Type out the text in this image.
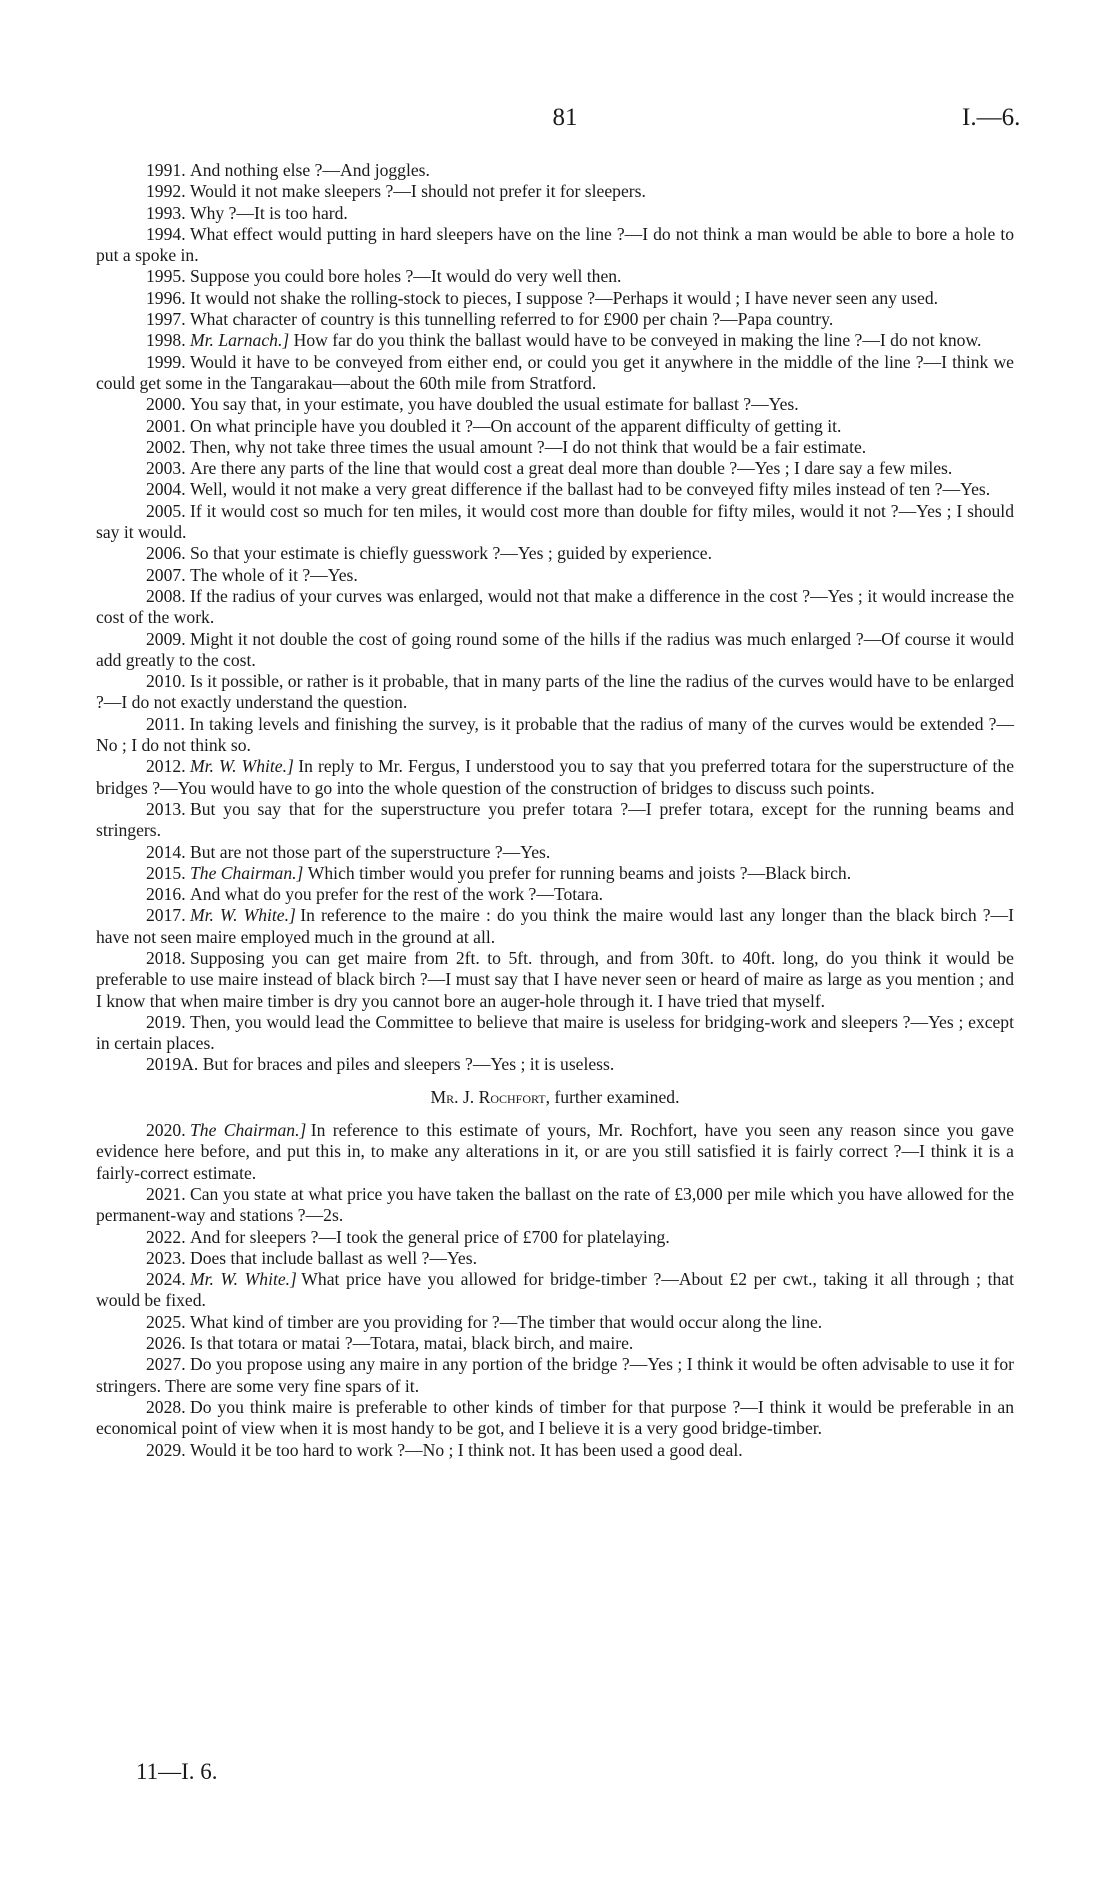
81	I.—6.

1991. And nothing else ?—And joggles.

1992. Would it not make sleepers ?—I should not prefer it for sleepers.

1993. Why ?—It is too hard.

1994. What effect would putting in hard sleepers have on the line ?—I do not think a man would be able to bore a hole to put a spoke in.

1995. Suppose you could bore holes ?—It would do very well then.

1996. It would not shake the rolling-stock to pieces, I suppose ?—Perhaps it would ; I have never seen any used.

1997. What character of country is this tunnelling referred to for £900 per chain ?—Papa country.

1998. Mr. Larnach.] How far do you think the ballast would have to be conveyed in making the line ?—I do not know.

1999. Would it have to be conveyed from either end, or could you get it anywhere in the middle of the line ?—I think we could get some in the Tangarakau—about the 60th mile from Stratford.

2000. You say that, in your estimate, you have doubled the usual estimate for ballast ?—Yes.

2001. On what principle have you doubled it ?—On account of the apparent difficulty of getting it.

2002. Then, why not take three times the usual amount ?—I do not think that would be a fair estimate.

2003. Are there any parts of the line that would cost a great deal more than double ?—Yes ; I dare say a few miles.

2004. Well, would it not make a very great difference if the ballast had to be conveyed fifty miles instead of ten ?—Yes.

2005. If it would cost so much for ten miles, it would cost more than double for fifty miles, would it not ?—Yes ; I should say it would.

2006. So that your estimate is chiefly guesswork ?—Yes ; guided by experience.

2007. The whole of it ?—Yes.

2008. If the radius of your curves was enlarged, would not that make a difference in the cost ?—Yes ; it would increase the cost of the work.

2009. Might it not double the cost of going round some of the hills if the radius was much enlarged ?—Of course it would add greatly to the cost.

2010. Is it possible, or rather is it probable, that in many parts of the line the radius of the curves would have to be enlarged ?—I do not exactly understand the question.

2011. In taking levels and finishing the survey, is it probable that the radius of many of the curves would be extended ?—No ; I do not think so.

2012. Mr. W. White.] In reply to Mr. Fergus, I understood you to say that you preferred totara for the superstructure of the bridges ?—You would have to go into the whole question of the construction of bridges to discuss such points.

2013. But you say that for the superstructure you prefer totara ?—I prefer totara, except for the running beams and stringers.

2014. But are not those part of the superstructure ?—Yes.

2015. The Chairman.] Which timber would you prefer for running beams and joists ?—Black birch.

2016. And what do you prefer for the rest of the work ?—Totara.

2017. Mr. W. White.] In reference to the maire : do you think the maire would last any longer than the black birch ?—I have not seen maire employed much in the ground at all.

2018. Supposing you can get maire from 2ft. to 5ft. through, and from 30ft. to 40ft. long, do you think it would be preferable to use maire instead of black birch ?—I must say that I have never seen or heard of maire as large as you mention ; and I know that when maire timber is dry you cannot bore an auger-hole through it. I have tried that myself.

2019. Then, you would lead the Committee to believe that maire is useless for bridging-work and sleepers ?—Yes ; except in certain places.

2019A. But for braces and piles and sleepers ?—Yes ; it is useless.

Mr. J. Rochfort, further examined.

2020. The Chairman.] In reference to this estimate of yours, Mr. Rochfort, have you seen any reason since you gave evidence here before, and put this in, to make any alterations in it, or are you still satisfied it is fairly correct ?—I think it is a fairly-correct estimate.

2021. Can you state at what price you have taken the ballast on the rate of £3,000 per mile which you have allowed for the permanent-way and stations ?—2s.

2022. And for sleepers ?—I took the general price of £700 for platelaying.

2023. Does that include ballast as well ?—Yes.

2024. Mr. W. White.] What price have you allowed for bridge-timber ?—About £2 per cwt., taking it all through ; that would be fixed.

2025. What kind of timber are you providing for ?—The timber that would occur along the line.

2026. Is that totara or matai ?—Totara, matai, black birch, and maire.

2027. Do you propose using any maire in any portion of the bridge ?—Yes ; I think it would be often advisable to use it for stringers. There are some very fine spars of it.

2028. Do you think maire is preferable to other kinds of timber for that purpose ?—I think it would be preferable in an economical point of view when it is most handy to be got, and I believe it is a very good bridge-timber.

2029. Would it be too hard to work ?—No ; I think not. It has been used a good deal.

11—I. 6.
